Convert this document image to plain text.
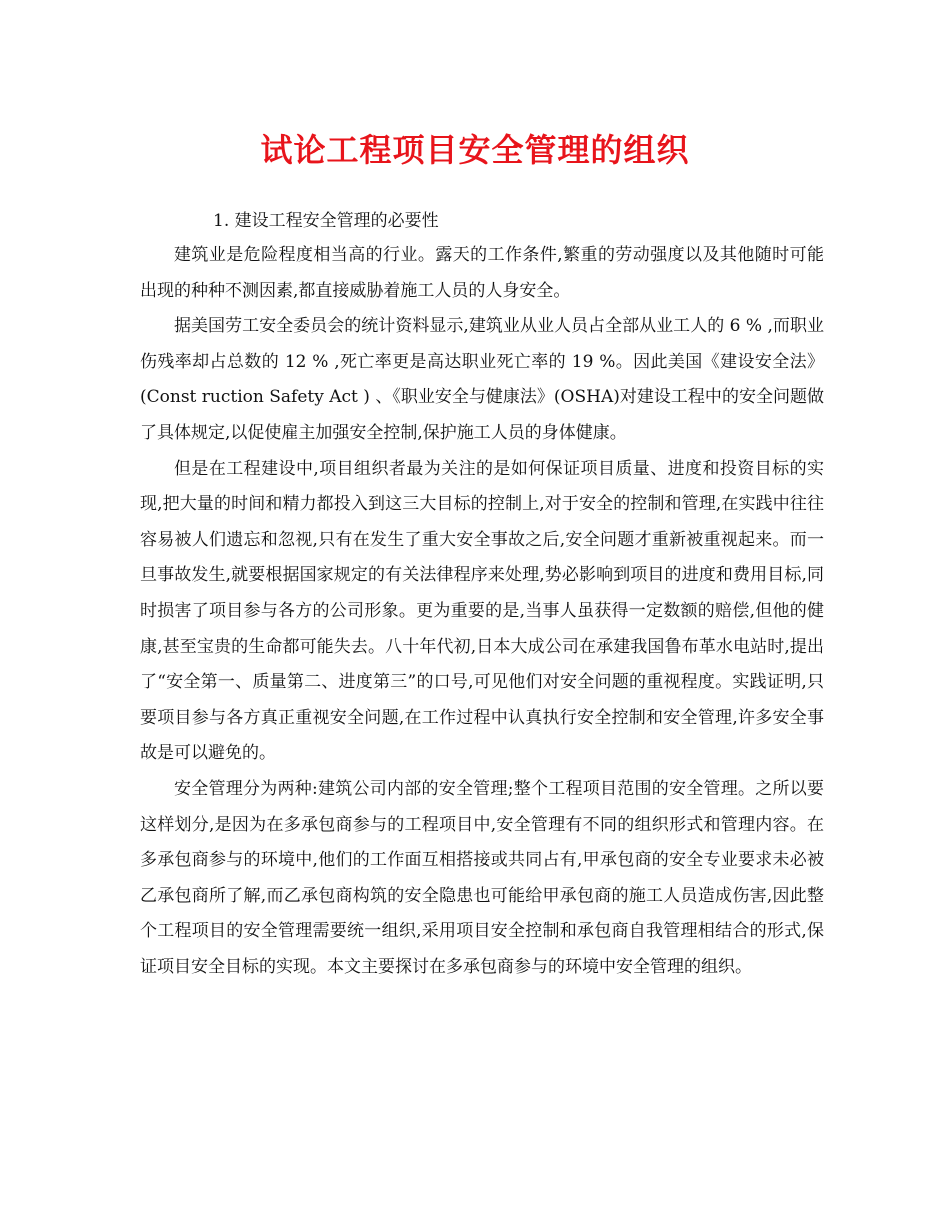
试论工程项目安全管理的组织
1. 建设工程安全管理的必要性

建筑业是危险程度相当高的行业。露天的工作条件,繁重的劳动强度以及其他随时可能出现的种种不测因素,都直接威胁着施工人员的人身安全。

据美国劳工安全委员会的统计资料显示,建筑业从业人员占全部从业工人的 6 % ,而职业伤残率却占总数的 12 % ,死亡率更是高达职业死亡率的 19 %。因此美国《建设安全法》(Const ruction Safety Act ) 、《职业安全与健康法》(OSHA)对建设工程中的安全问题做了具体规定,以促使雇主加强安全控制,保护施工人员的身体健康。

但是在工程建设中,项目组织者最为关注的是如何保证项目质量、进度和投资目标的实现,把大量的时间和精力都投入到这三大目标的控制上,对于安全的控制和管理,在实践中往往容易被人们遗忘和忽视,只有在发生了重大安全事故之后,安全问题才重新被重视起来。而一旦事故发生,就要根据国家规定的有关法律程序来处理,势必影响到项目的进度和费用目标,同时损害了项目参与各方的公司形象。更为重要的是,当事人虽获得一定数额的赔偿,但他的健康,甚至宝贵的生命都可能失去。八十年代初,日本大成公司在承建我国鲁布革水电站时,提出了“安全第一、质量第二、进度第三”的口号,可见他们对安全问题的重视程度。实践证明,只要项目参与各方真正重视安全问题,在工作过程中认真执行安全控制和安全管理,许多安全事故是可以避免的。

安全管理分为两种:建筑公司内部的安全管理;整个工程项目范围的安全管理。之所以要这样划分,是因为在多承包商参与的工程项目中,安全管理有不同的组织形式和管理内容。在多承包商参与的环境中,他们的工作面互相搭接或共同占有,甲承包商的安全专业要求未必被乙承包商所了解,而乙承包商构筑的安全隐患也可能给甲承包商的施工人员造成伤害,因此整个工程项目的安全管理需要统一组织,采用项目安全控制和承包商自我管理相结合的形式,保证项目安全目标的实现。本文主要探讨在多承包商参与的环境中安全管理的组织。
